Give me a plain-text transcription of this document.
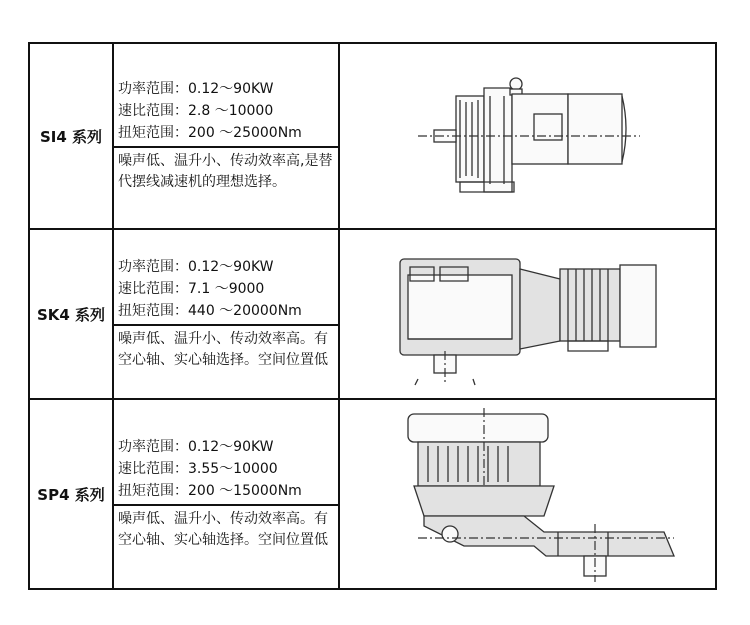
SI4 系列	功率范围：0.12～90KW
速比范围：2.8 ～10000
扭矩范围：200 ～25000Nm
噪声低、温升小、传动效率高,是替代摆线减速机的理想选择。

SK4 系列	功率范围：0.12～90KW
速比范围：7.1 ～9000
扭矩范围：440 ～20000Nm
噪声低、温升小、传动效率高。有空心轴、实心轴选择。空间位置低

SP4 系列	功率范围：0.12～90KW
速比范围：3.55～10000
扭矩范围：200 ～15000Nm
噪声低、温升小、传动效率高。有空心轴、实心轴选择。空间位置低
